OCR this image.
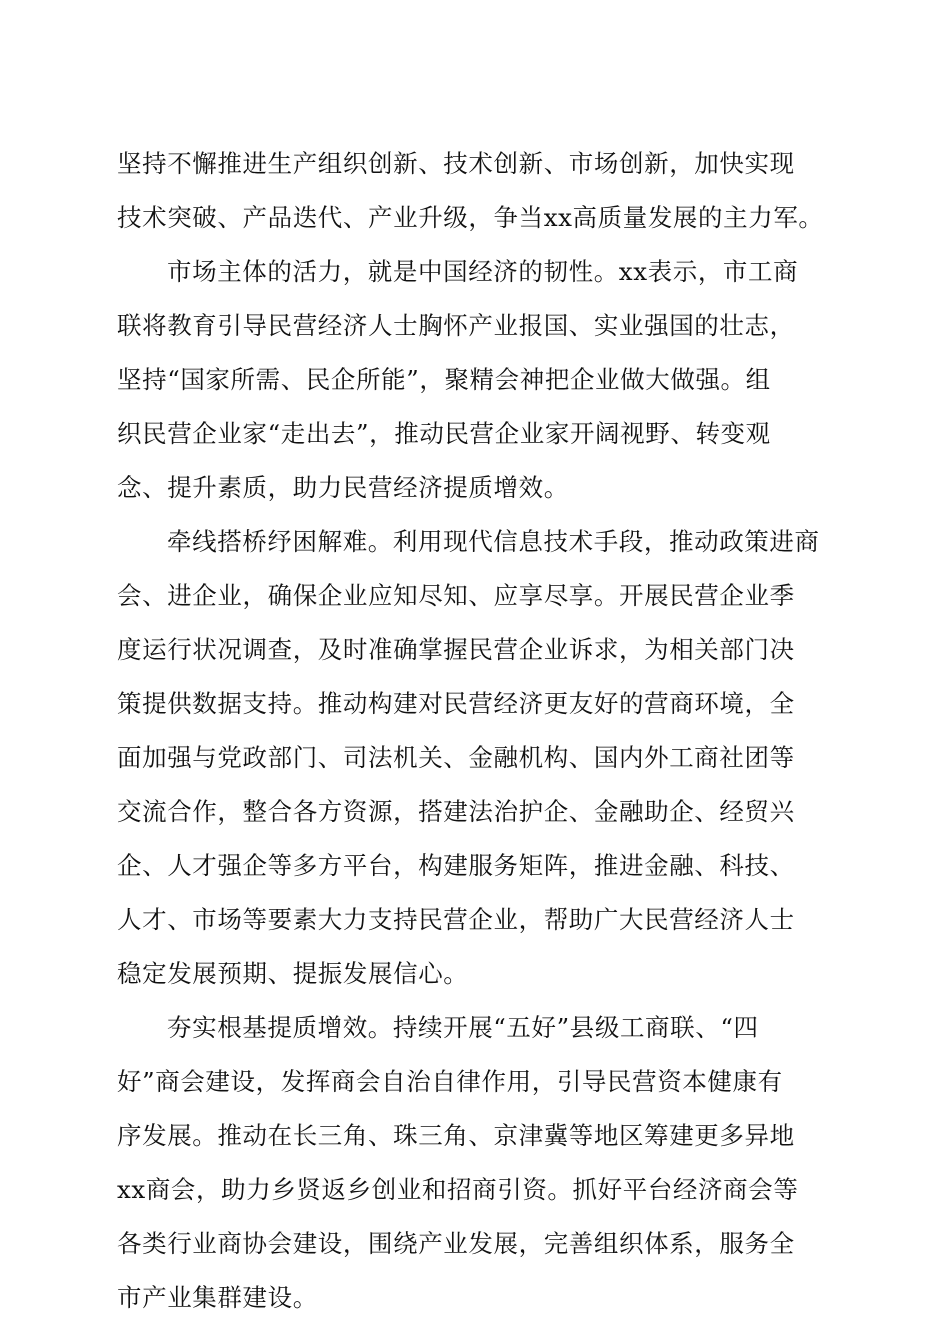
坚持不懈推进生产组织创新、技术创新、市场创新，加快实现
技术突破、产品迭代、产业升级，争当xx高质量发展的主力军。
市场主体的活力，就是中国经济的韧性。xx表示，市工商
联将教育引导民营经济人士胸怀产业报国、实业强国的壮志，
坚持“国家所需、民企所能”，聚精会神把企业做大做强。组
织民营企业家“走出去”，推动民营企业家开阔视野、转变观
念、提升素质，助力民营经济提质增效。
牵线搭桥纾困解难。利用现代信息技术手段，推动政策进商
会、进企业，确保企业应知尽知、应享尽享。开展民营企业季
度运行状况调查，及时准确掌握民营企业诉求，为相关部门决
策提供数据支持。推动构建对民营经济更友好的营商环境，全
面加强与党政部门、司法机关、金融机构、国内外工商社团等
交流合作，整合各方资源，搭建法治护企、金融助企、经贸兴
企、人才强企等多方平台，构建服务矩阵，推进金融、科技、
人才、市场等要素大力支持民营企业，帮助广大民营经济人士
稳定发展预期、提振发展信心。
夯实根基提质增效。持续开展“五好”县级工商联、“四
好”商会建设，发挥商会自治自律作用，引导民营资本健康有
序发展。推动在长三角、珠三角、京津冀等地区筹建更多异地
xx商会，助力乡贤返乡创业和招商引资。抓好平台经济商会等
各类行业商协会建设，围绕产业发展，完善组织体系，服务全
市产业集群建设。
